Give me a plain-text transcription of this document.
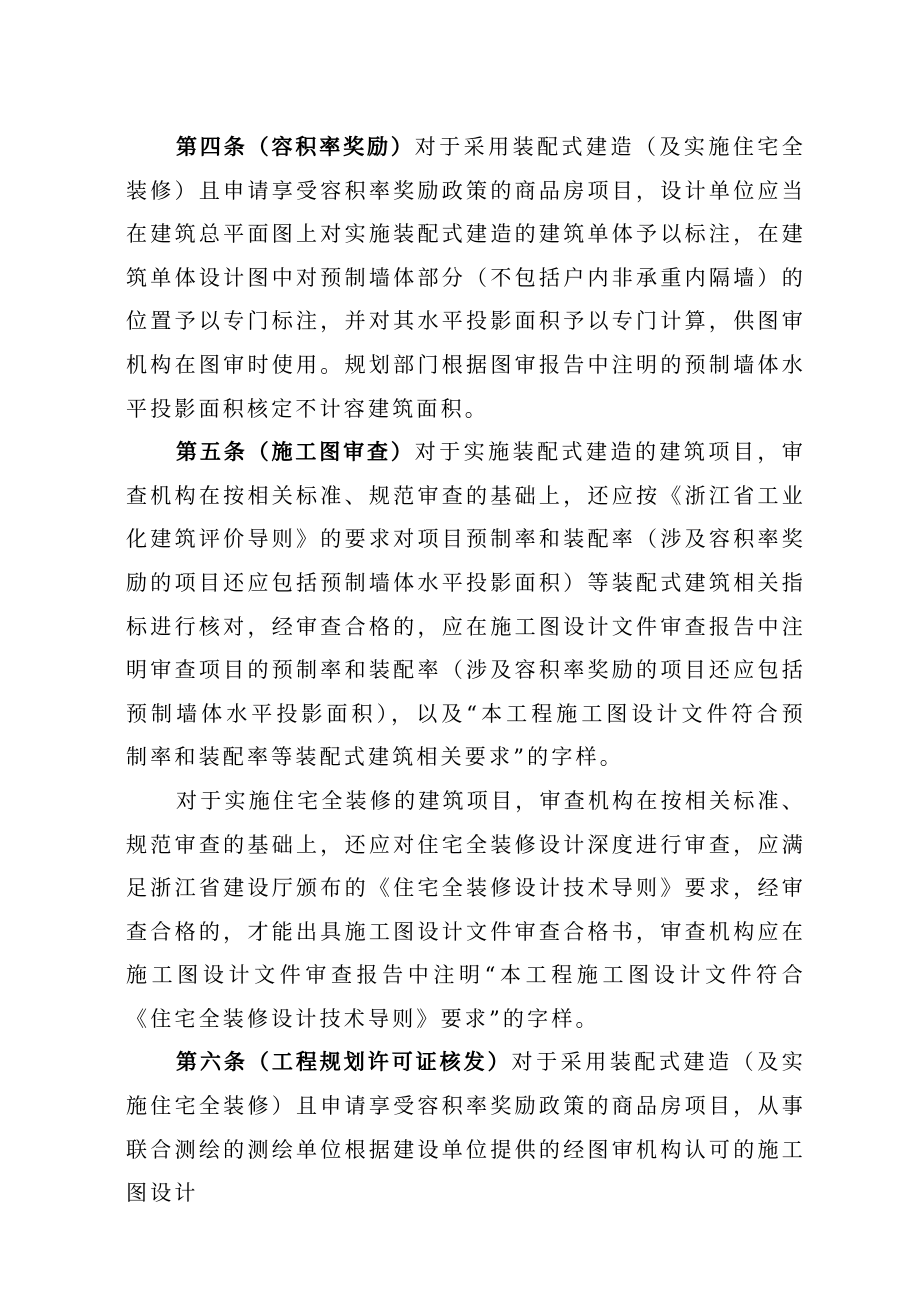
第四条（容积率奖励）对于采用装配式建造（及实施住宅全装修）且申请享受容积率奖励政策的商品房项目，设计单位应当在建筑总平面图上对实施装配式建造的建筑单体予以标注，在建筑单体设计图中对预制墙体部分（不包括户内非承重内隔墙）的位置予以专门标注，并对其水平投影面积予以专门计算，供图审机构在图审时使用。规划部门根据图审报告中注明的预制墙体水平投影面积核定不计容建筑面积。

第五条（施工图审查）对于实施装配式建造的建筑项目，审查机构在按相关标准、规范审查的基础上，还应按《浙江省工业化建筑评价导则》的要求对项目预制率和装配率（涉及容积率奖励的项目还应包括预制墙体水平投影面积）等装配式建筑相关指标进行核对，经审查合格的，应在施工图设计文件审查报告中注明审查项目的预制率和装配率（涉及容积率奖励的项目还应包括预制墙体水平投影面积），以及“本工程施工图设计文件符合预制率和装配率等装配式建筑相关要求”的字样。

对于实施住宅全装修的建筑项目，审查机构在按相关标准、规范审查的基础上，还应对住宅全装修设计深度进行审查，应满足浙江省建设厅颁布的《住宅全装修设计技术导则》要求，经审查合格的，才能出具施工图设计文件审查合格书，审查机构应在施工图设计文件审查报告中注明“本工程施工图设计文件符合《住宅全装修设计技术导则》要求”的字样。

第六条（工程规划许可证核发）对于采用装配式建造（及实施住宅全装修）且申请享受容积率奖励政策的商品房项目，从事联合测绘的测绘单位根据建设单位提供的经图审机构认可的施工图设计
